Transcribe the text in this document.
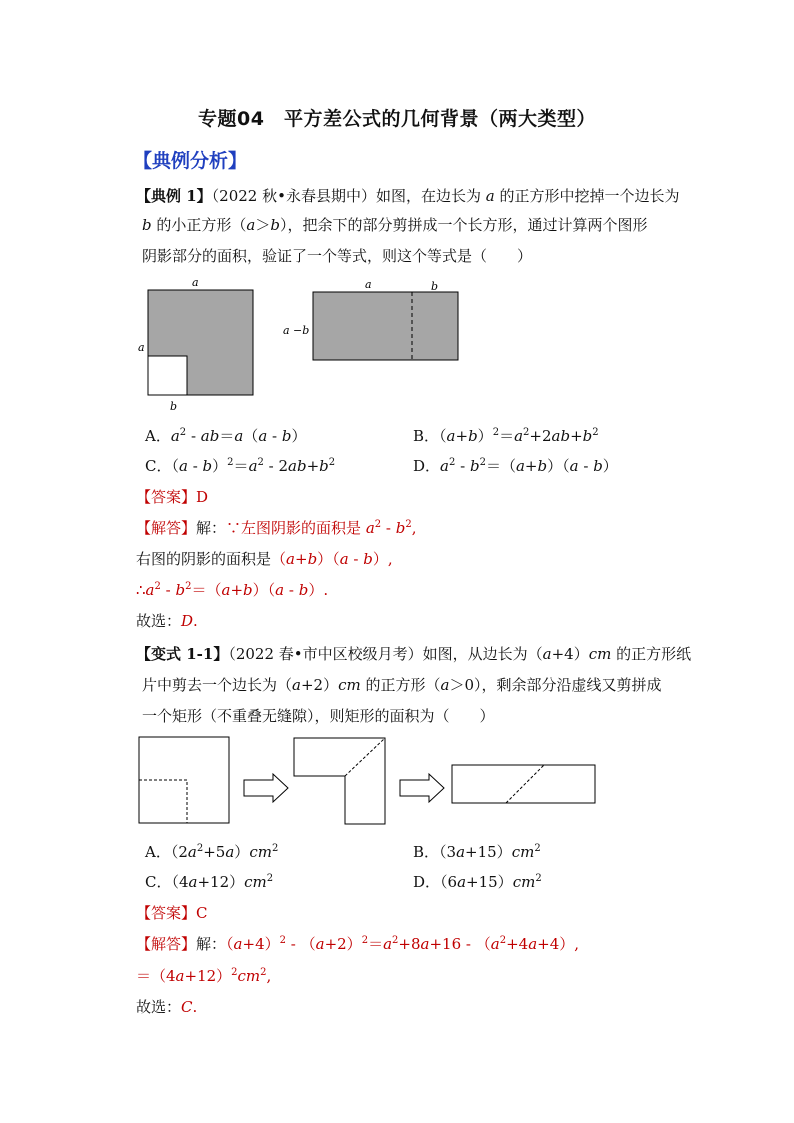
专题04　平方差公式的几何背景（两大类型）
【典例分析】
【典例 1】（2022 秋•永春县期中）如图，在边长为 a 的正方形中挖掉一个边长为
b 的小正方形（a＞b），把余下的部分剪拼成一个长方形，通过计算两个图形
阴影部分的面积，验证了一个等式，则这个等式是（　　）
a
a
b
a	b
a −b
A．$a^2 - ab=a(a - b)$	B．$(a+b)^2=a^2+2ab+b^2$
C．$(a - b)^2=a^2 - 2ab+b^2$	D．$a^2 - b^2=(a+b)(a - b)$
【答案】D
【解答】解：∵左图阴影的面积是 $a^2 - b^2$,
右图的阴影的面积是（a+b）（a - b）,
$\therefore a^2 - b^2=(a+b)(a - b)$.
故选：D.
【变式 1-1】（2022 春•市中区校级月考）如图，从边长为（a+4）cm 的正方形纸
片中剪去一个边长为（a+2）cm 的正方形（a＞0），剩余部分沿虚线又剪拼成
一个矩形（不重叠无缝隙），则矩形的面积为（　　）
A．$(2a^2+5a)cm^2$	B．$(3a+15)cm^2$
C．$(4a+12)cm^2$	D．$(6a+15)cm^2$
【答案】C
【解答】解：$(a+4)^2 - (a+2)^2=a^2+8a+16 - (a^2+4a+4)$,
$=(4a+12)^2cm^2$,
故选：C.
